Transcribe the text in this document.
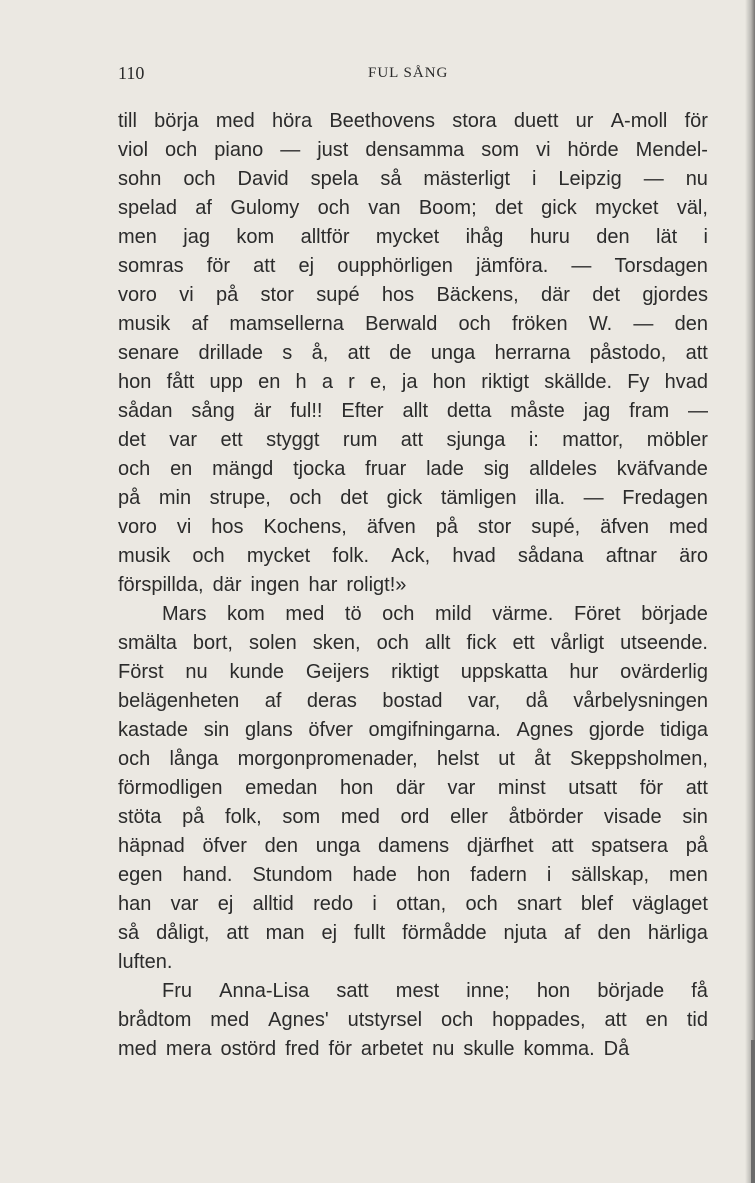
110	FUL SÅNG
till börja med höra Beethovens stora duett ur A-moll för
viol och piano — just densamma som vi hörde Mendel-
sohn och David spela så mästerligt i Leipzig — nu
spelad af Gulomy och van Boom; det gick mycket väl,
men jag kom alltför mycket ihåg huru den lät i
somras för att ej oupphörligen jämföra. — Torsdagen
voro vi på stor supé hos Bäckens, där det gjordes
musik af mamsellerna Berwald och fröken W. — den
senare drillade s å, att de unga herrarna påstodo, att
hon fått upp en h a r e, ja hon riktigt skällde. Fy hvad
sådan sång är ful!! Efter allt detta måste jag fram —
det var ett styggt rum att sjunga i: mattor, möbler
och en mängd tjocka fruar lade sig alldeles kväfvande
på min strupe, och det gick tämligen illa. — Fredagen
voro vi hos Kochens, äfven på stor supé, äfven med
musik och mycket folk. Ack, hvad sådana aftnar äro
förspillda, där ingen har roligt!»
Mars kom med tö och mild värme. Föret började
smälta bort, solen sken, och allt fick ett vårligt utseende.
Först nu kunde Geijers riktigt uppskatta hur ovärderlig
belägenheten af deras bostad var, då vårbelysningen
kastade sin glans öfver omgifningarna. Agnes gjorde tidiga
och långa morgonpromenader, helst ut åt Skeppsholmen,
förmodligen emedan hon där var minst utsatt för att
stöta på folk, som med ord eller åtbörder visade sin
häpnad öfver den unga damens djärfhet att spatsera på
egen hand. Stundom hade hon fadern i sällskap, men
han var ej alltid redo i ottan, och snart blef väglaget
så dåligt, att man ej fullt förmådde njuta af den härliga
luften.
Fru Anna-Lisa satt mest inne; hon började få
brådtom med Agnes' utstyrsel och hoppades, att en tid
med mera ostörd fred för arbetet nu skulle komma. Då
